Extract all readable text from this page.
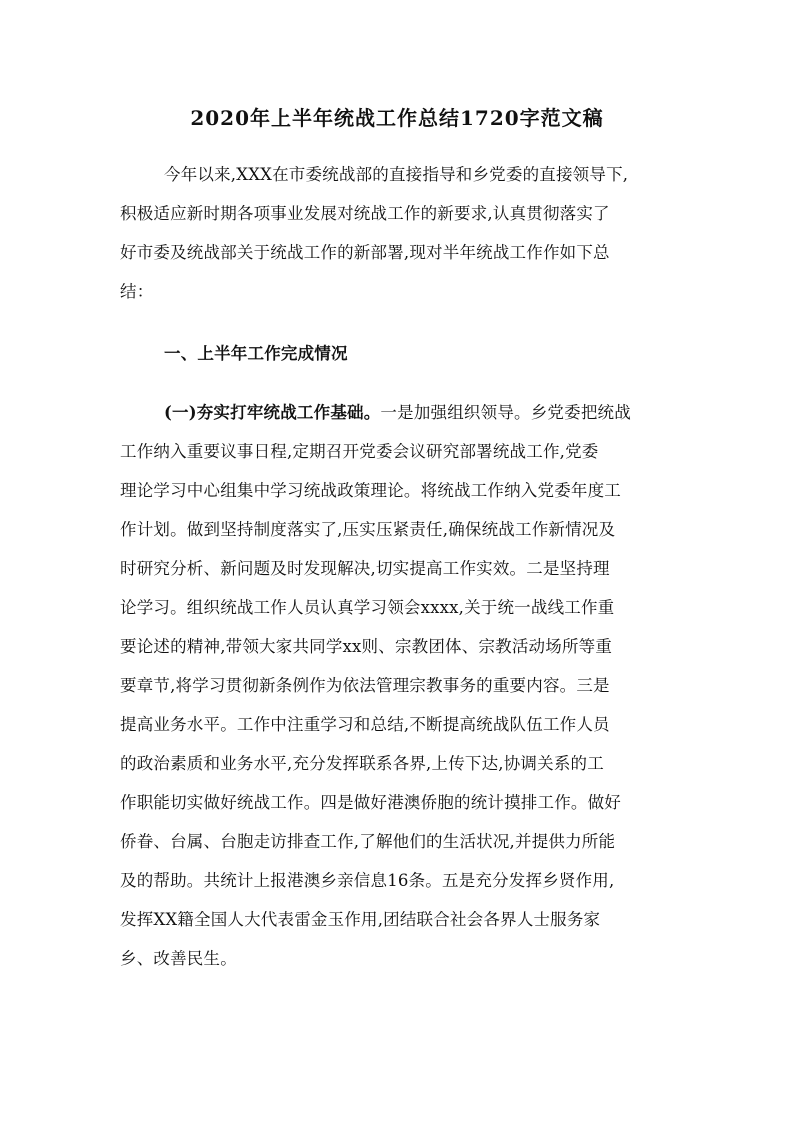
2020年上半年统战工作总结1720字范文稿
今年以来,XXX在市委统战部的直接指导和乡党委的直接领导下,
积极适应新时期各项事业发展对统战工作的新要求,认真贯彻落实了
好市委及统战部关于统战工作的新部署,现对半年统战工作作如下总
结：
一、上半年工作完成情况
(一)夯实打牢统战工作基础。一是加强组织领导。乡党委把统战
工作纳入重要议事日程,定期召开党委会议研究部署统战工作,党委
理论学习中心组集中学习统战政策理论。将统战工作纳入党委年度工
作计划。做到坚持制度落实了,压实压紧责任,确保统战工作新情况及
时研究分析、新问题及时发现解决,切实提高工作实效。二是坚持理
论学习。组织统战工作人员认真学习领会xxxx,关于统一战线工作重
要论述的精神,带领大家共同学xx则、宗教团体、宗教活动场所等重
要章节,将学习贯彻新条例作为依法管理宗教事务的重要内容。三是
提高业务水平。工作中注重学习和总结,不断提高统战队伍工作人员
的政治素质和业务水平,充分发挥联系各界,上传下达,协调关系的工
作职能切实做好统战工作。四是做好港澳侨胞的统计摸排工作。做好
侨眷、台属、台胞走访排查工作,了解他们的生活状况,并提供力所能
及的帮助。共统计上报港澳乡亲信息16条。五是充分发挥乡贤作用,
发挥XX籍全国人大代表雷金玉作用,团结联合社会各界人士服务家
乡、改善民生。
